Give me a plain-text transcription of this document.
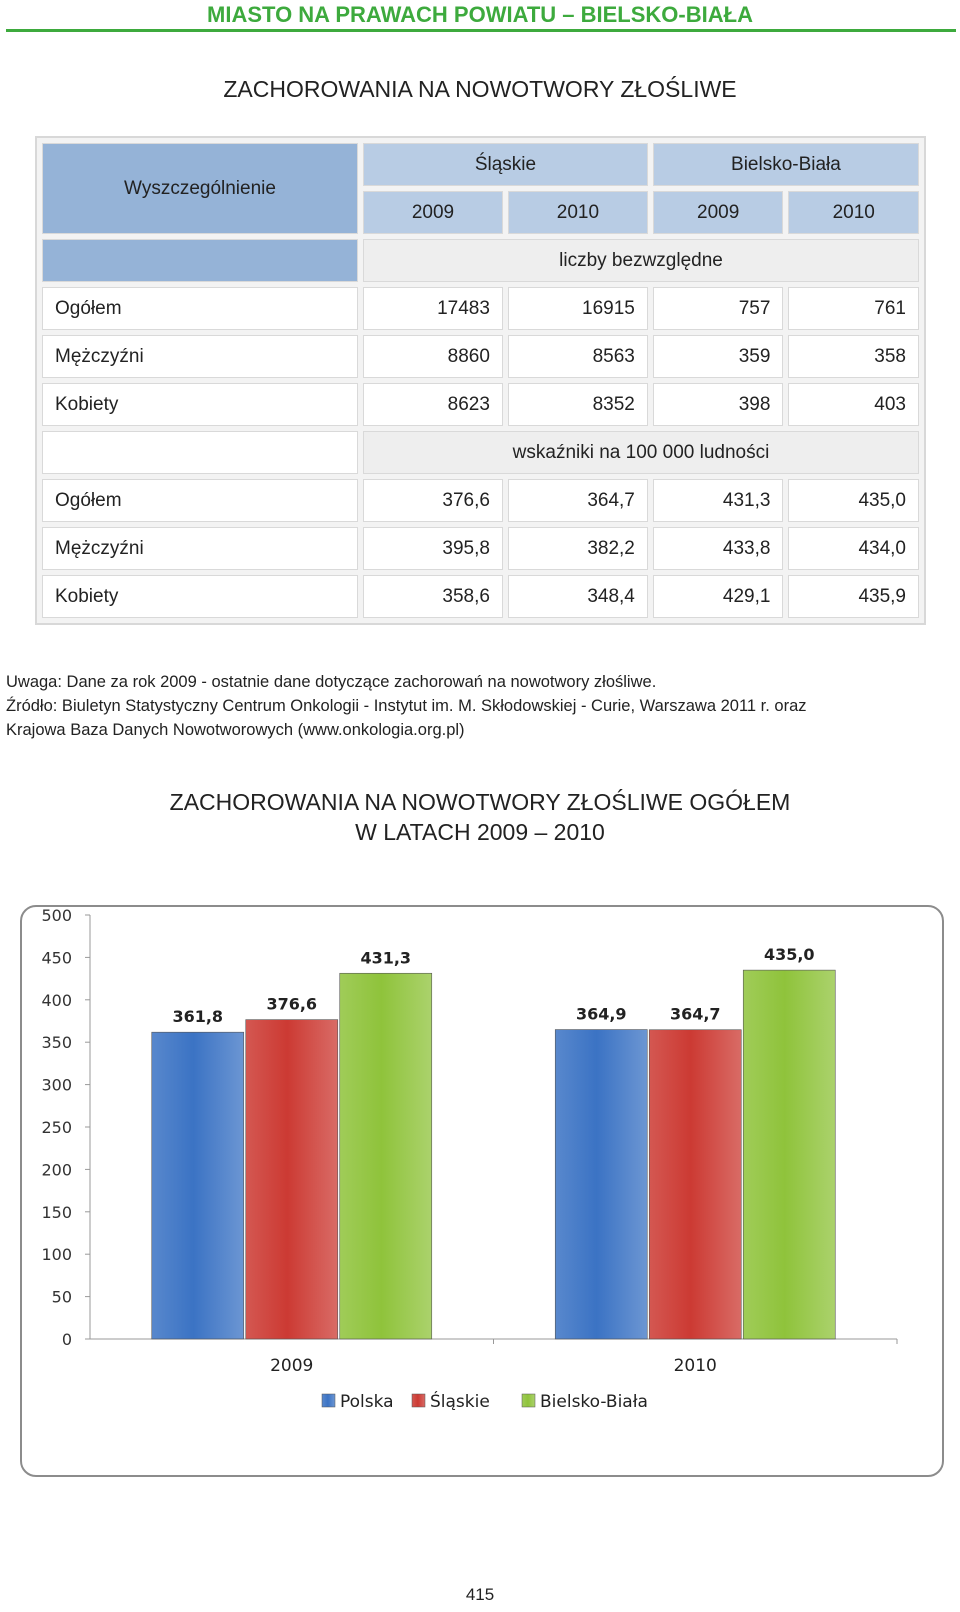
MIASTO NA PRAWACH POWIATU – BIELSKO-BIAŁA
ZACHOROWANIA NA NOWOTWORY ZŁOŚLIWE
Wyszczególnienie	Śląskie		Bielsko-Biała	
	2009	2010	2009	2010
	liczby bezwzględne			
Ogółem	17483	16915	757	761
Mężczyźni	8860	8563	359	358
Kobiety	8623	8352	398	403
	wskaźniki na 100 000 ludności			
Ogółem	376,6	364,7	431,3	435,0
Mężczyźni	395,8	382,2	433,8	434,0
Kobiety	358,6	348,4	429,1	435,9
Uwaga: Dane za rok 2009 - ostatnie dane dotyczące zachorowań na nowotwory złośliwe.
Źródło: Biuletyn Statystyczny Centrum Onkologii - Instytut im. M. Skłodowskiej - Curie, Warszawa 2011 r. oraz
Krajowa Baza Danych Nowotworowych (www.onkologia.org.pl)
ZACHOROWANIA NA NOWOTWORY ZŁOŚLIWE OGÓŁEM
W LATACH 2009 – 2010
0
50
100
150
200
250
300
350
400
450
500
361,8
376,6
431,3
2009
364,9	364,7
435,0
2010
Polska Śląskie	Bielsko-Biała
415
